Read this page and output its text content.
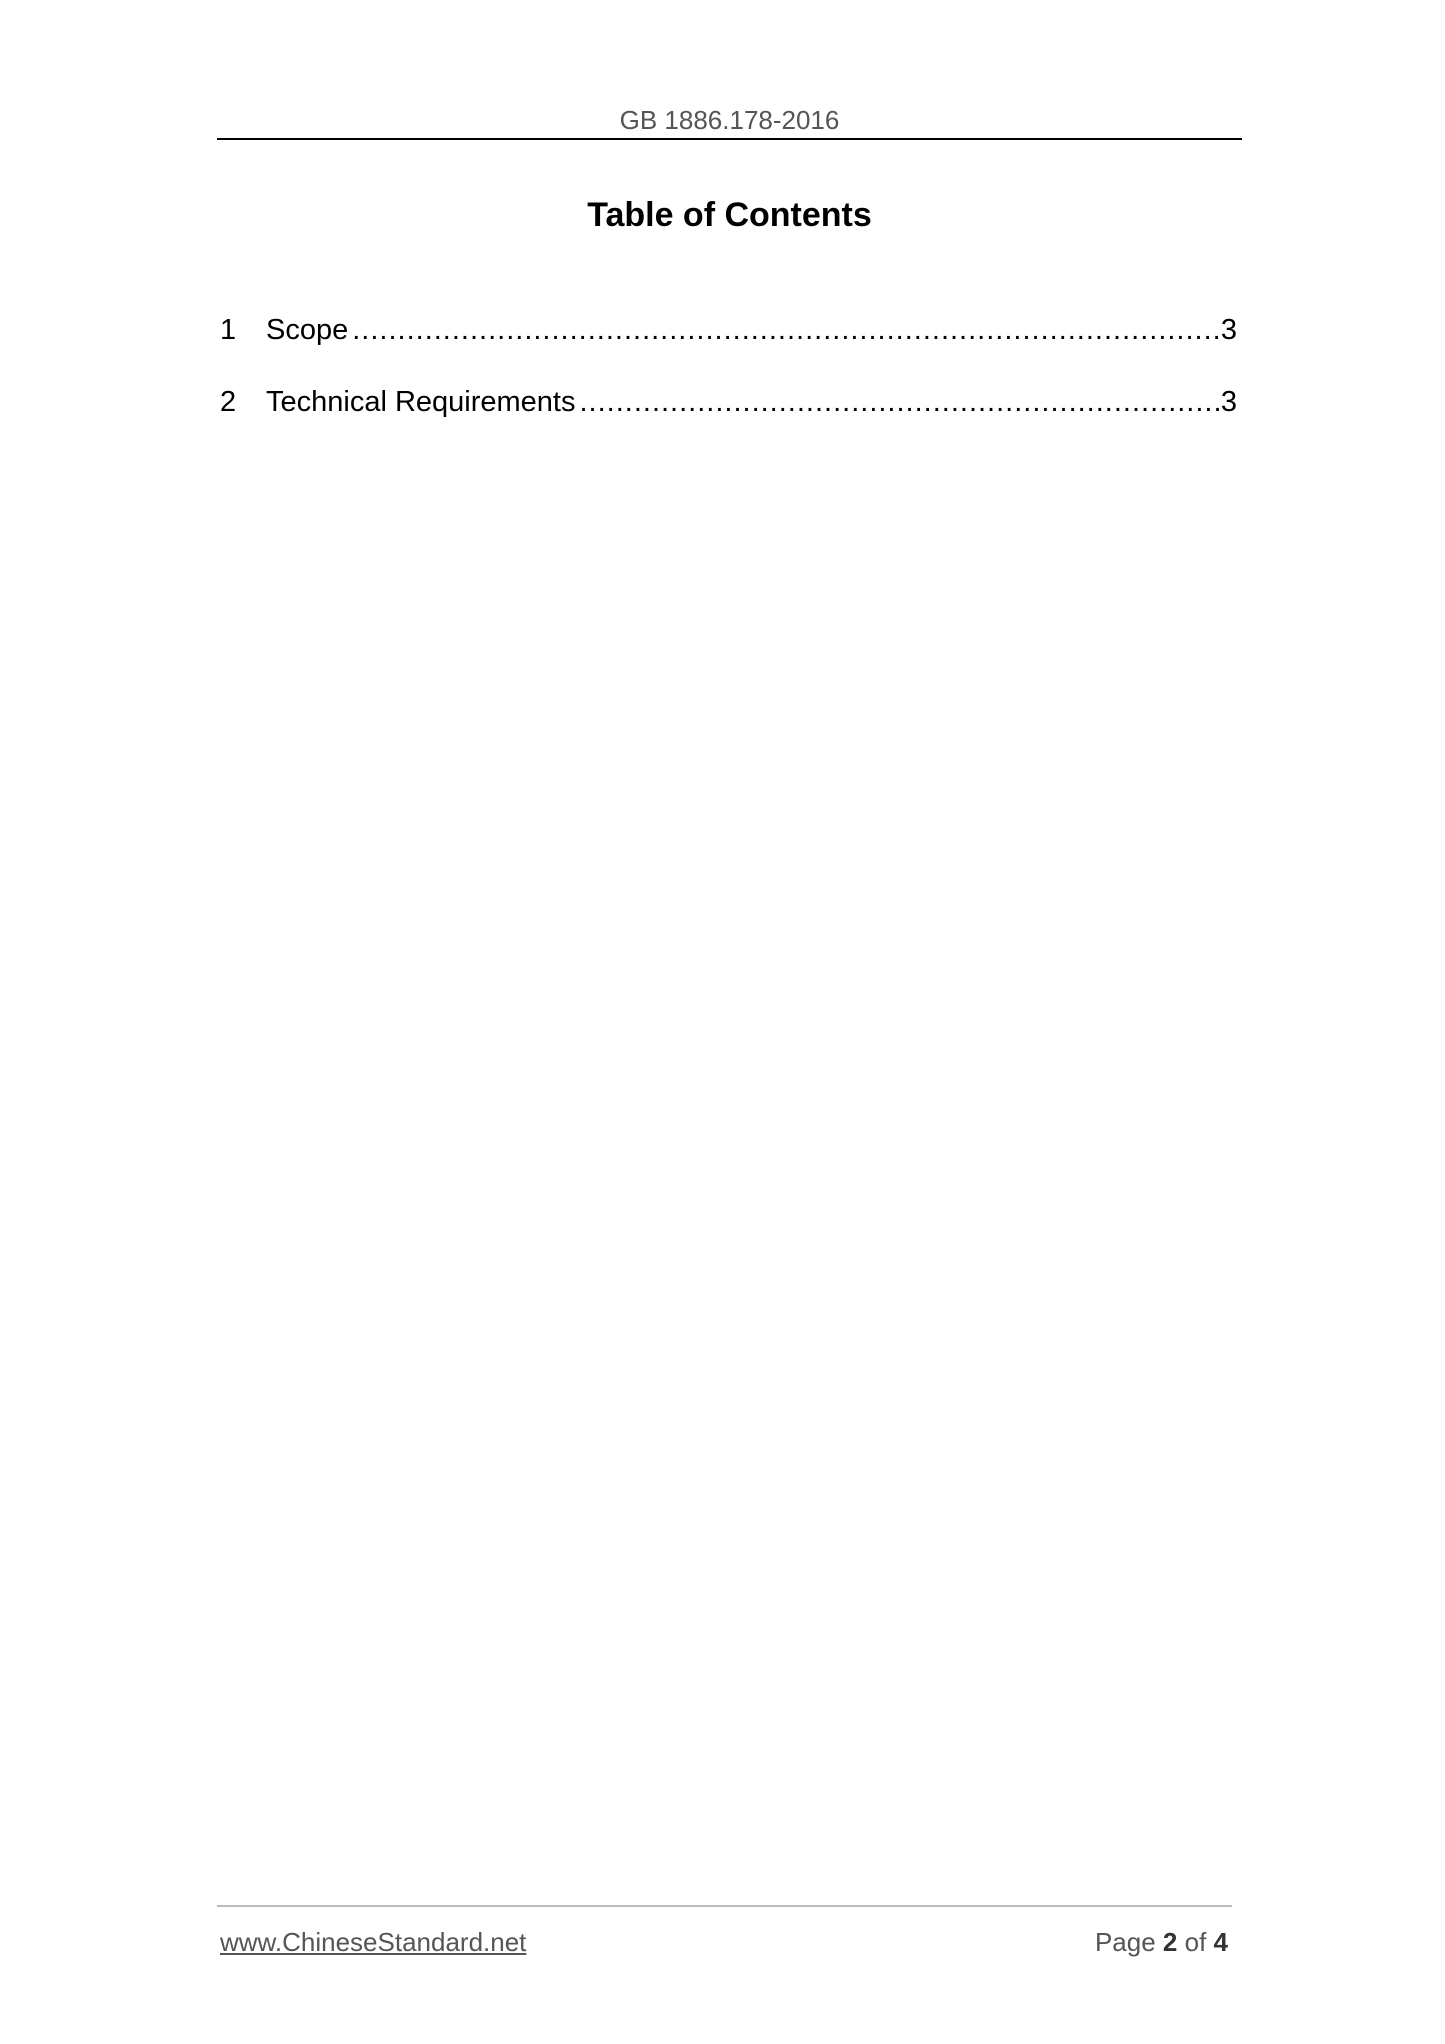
GB 1886.178-2016
Table of Contents
1	Scope .....	3
2	Technical Requirements .....	3
www.ChineseStandard.net	Page 2 of 4
